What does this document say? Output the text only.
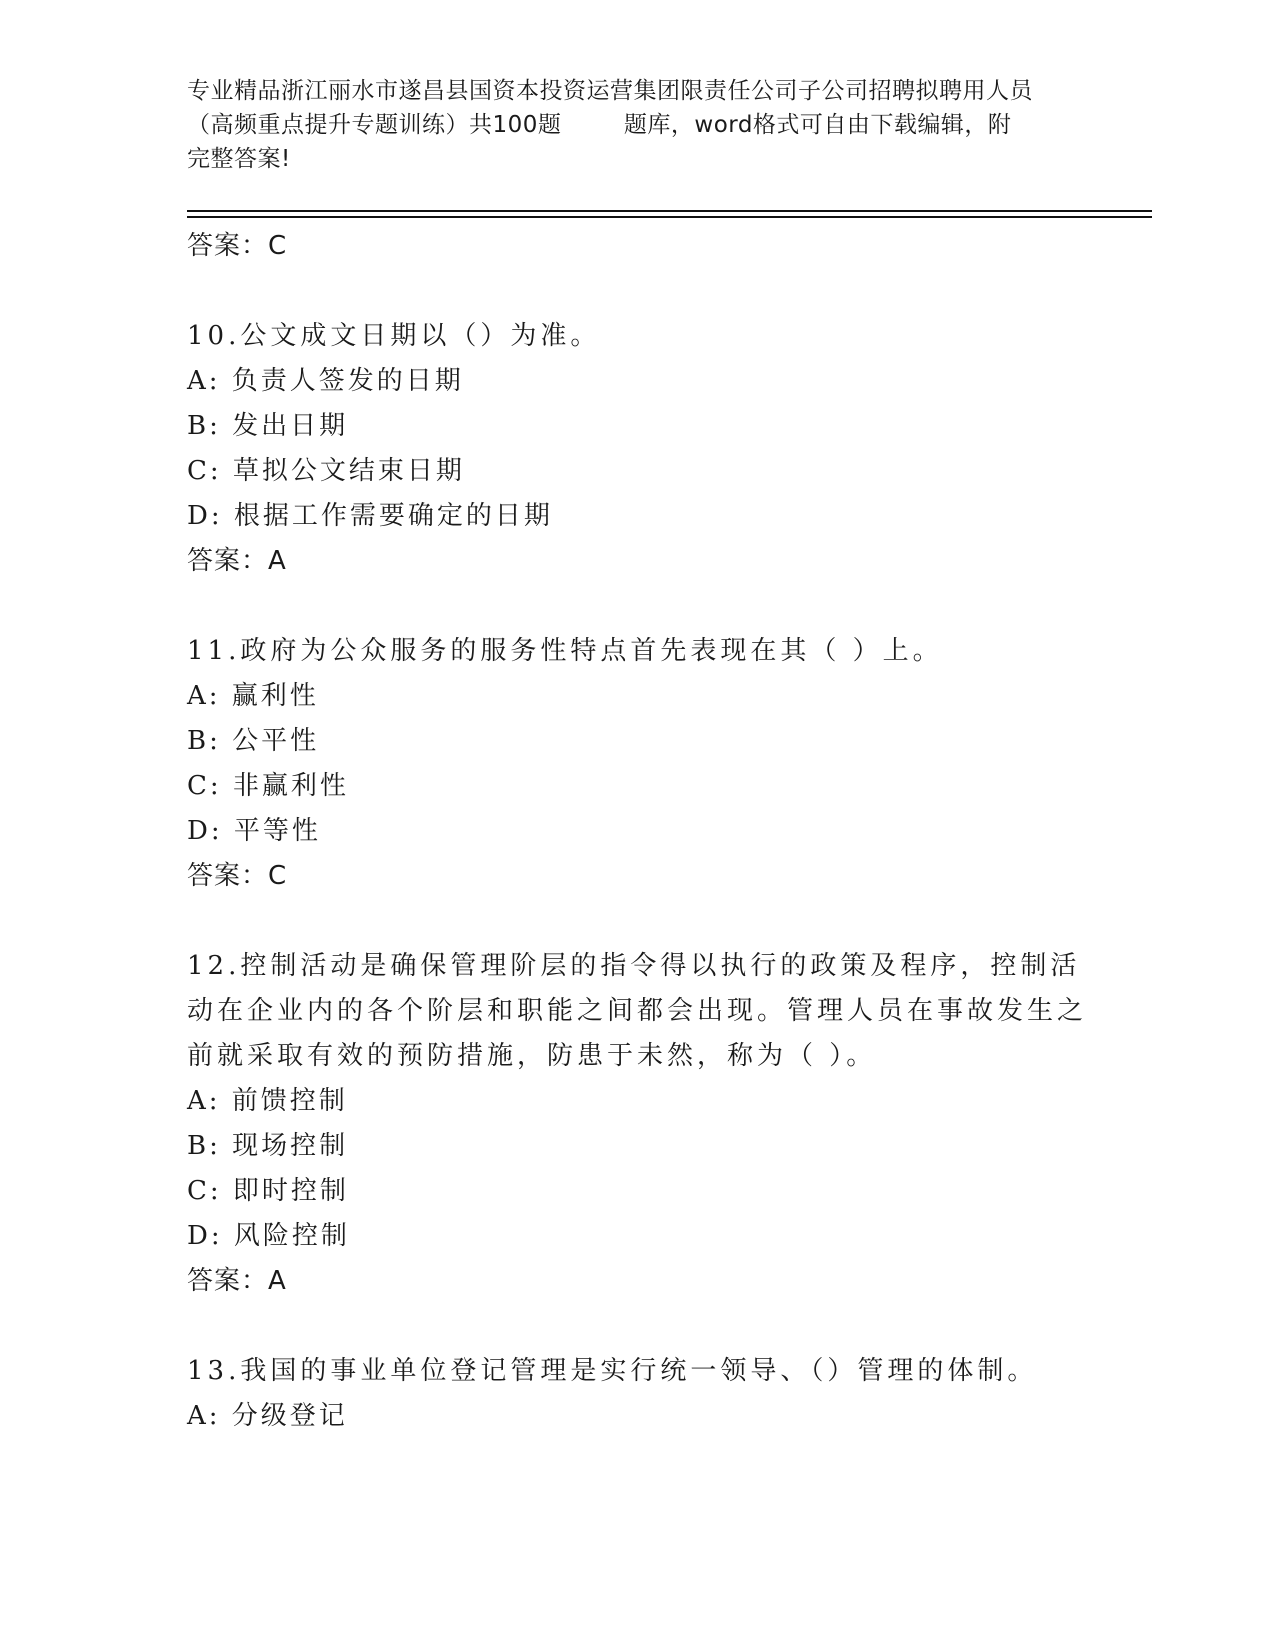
专业精品浙江丽水市遂昌县国资本投资运营集团限责任公司子公司招聘拟聘用人员
（高频重点提升专题训练）共100题        题库，word格式可自由下载编辑，附
完整答案!
答案：C
10.公文成文日期以（）为准。
A: 负责人签发的日期
B: 发出日期
C: 草拟公文结束日期
D: 根据工作需要确定的日期
答案：A
11.政府为公众服务的服务性特点首先表现在其（ ）上。
A: 赢利性
B: 公平性
C: 非赢利性
D: 平等性
答案：C
12.控制活动是确保管理阶层的指令得以执行的政策及程序，控制活动在企业内的各个阶层和职能之间都会出现。管理人员在事故发生之前就采取有效的预防措施，防患于未然，称为（ ）。
A: 前馈控制
B: 现场控制
C: 即时控制
D: 风险控制
答案：A
13.我国的事业单位登记管理是实行统一领导、（）管理的体制。
A: 分级登记
